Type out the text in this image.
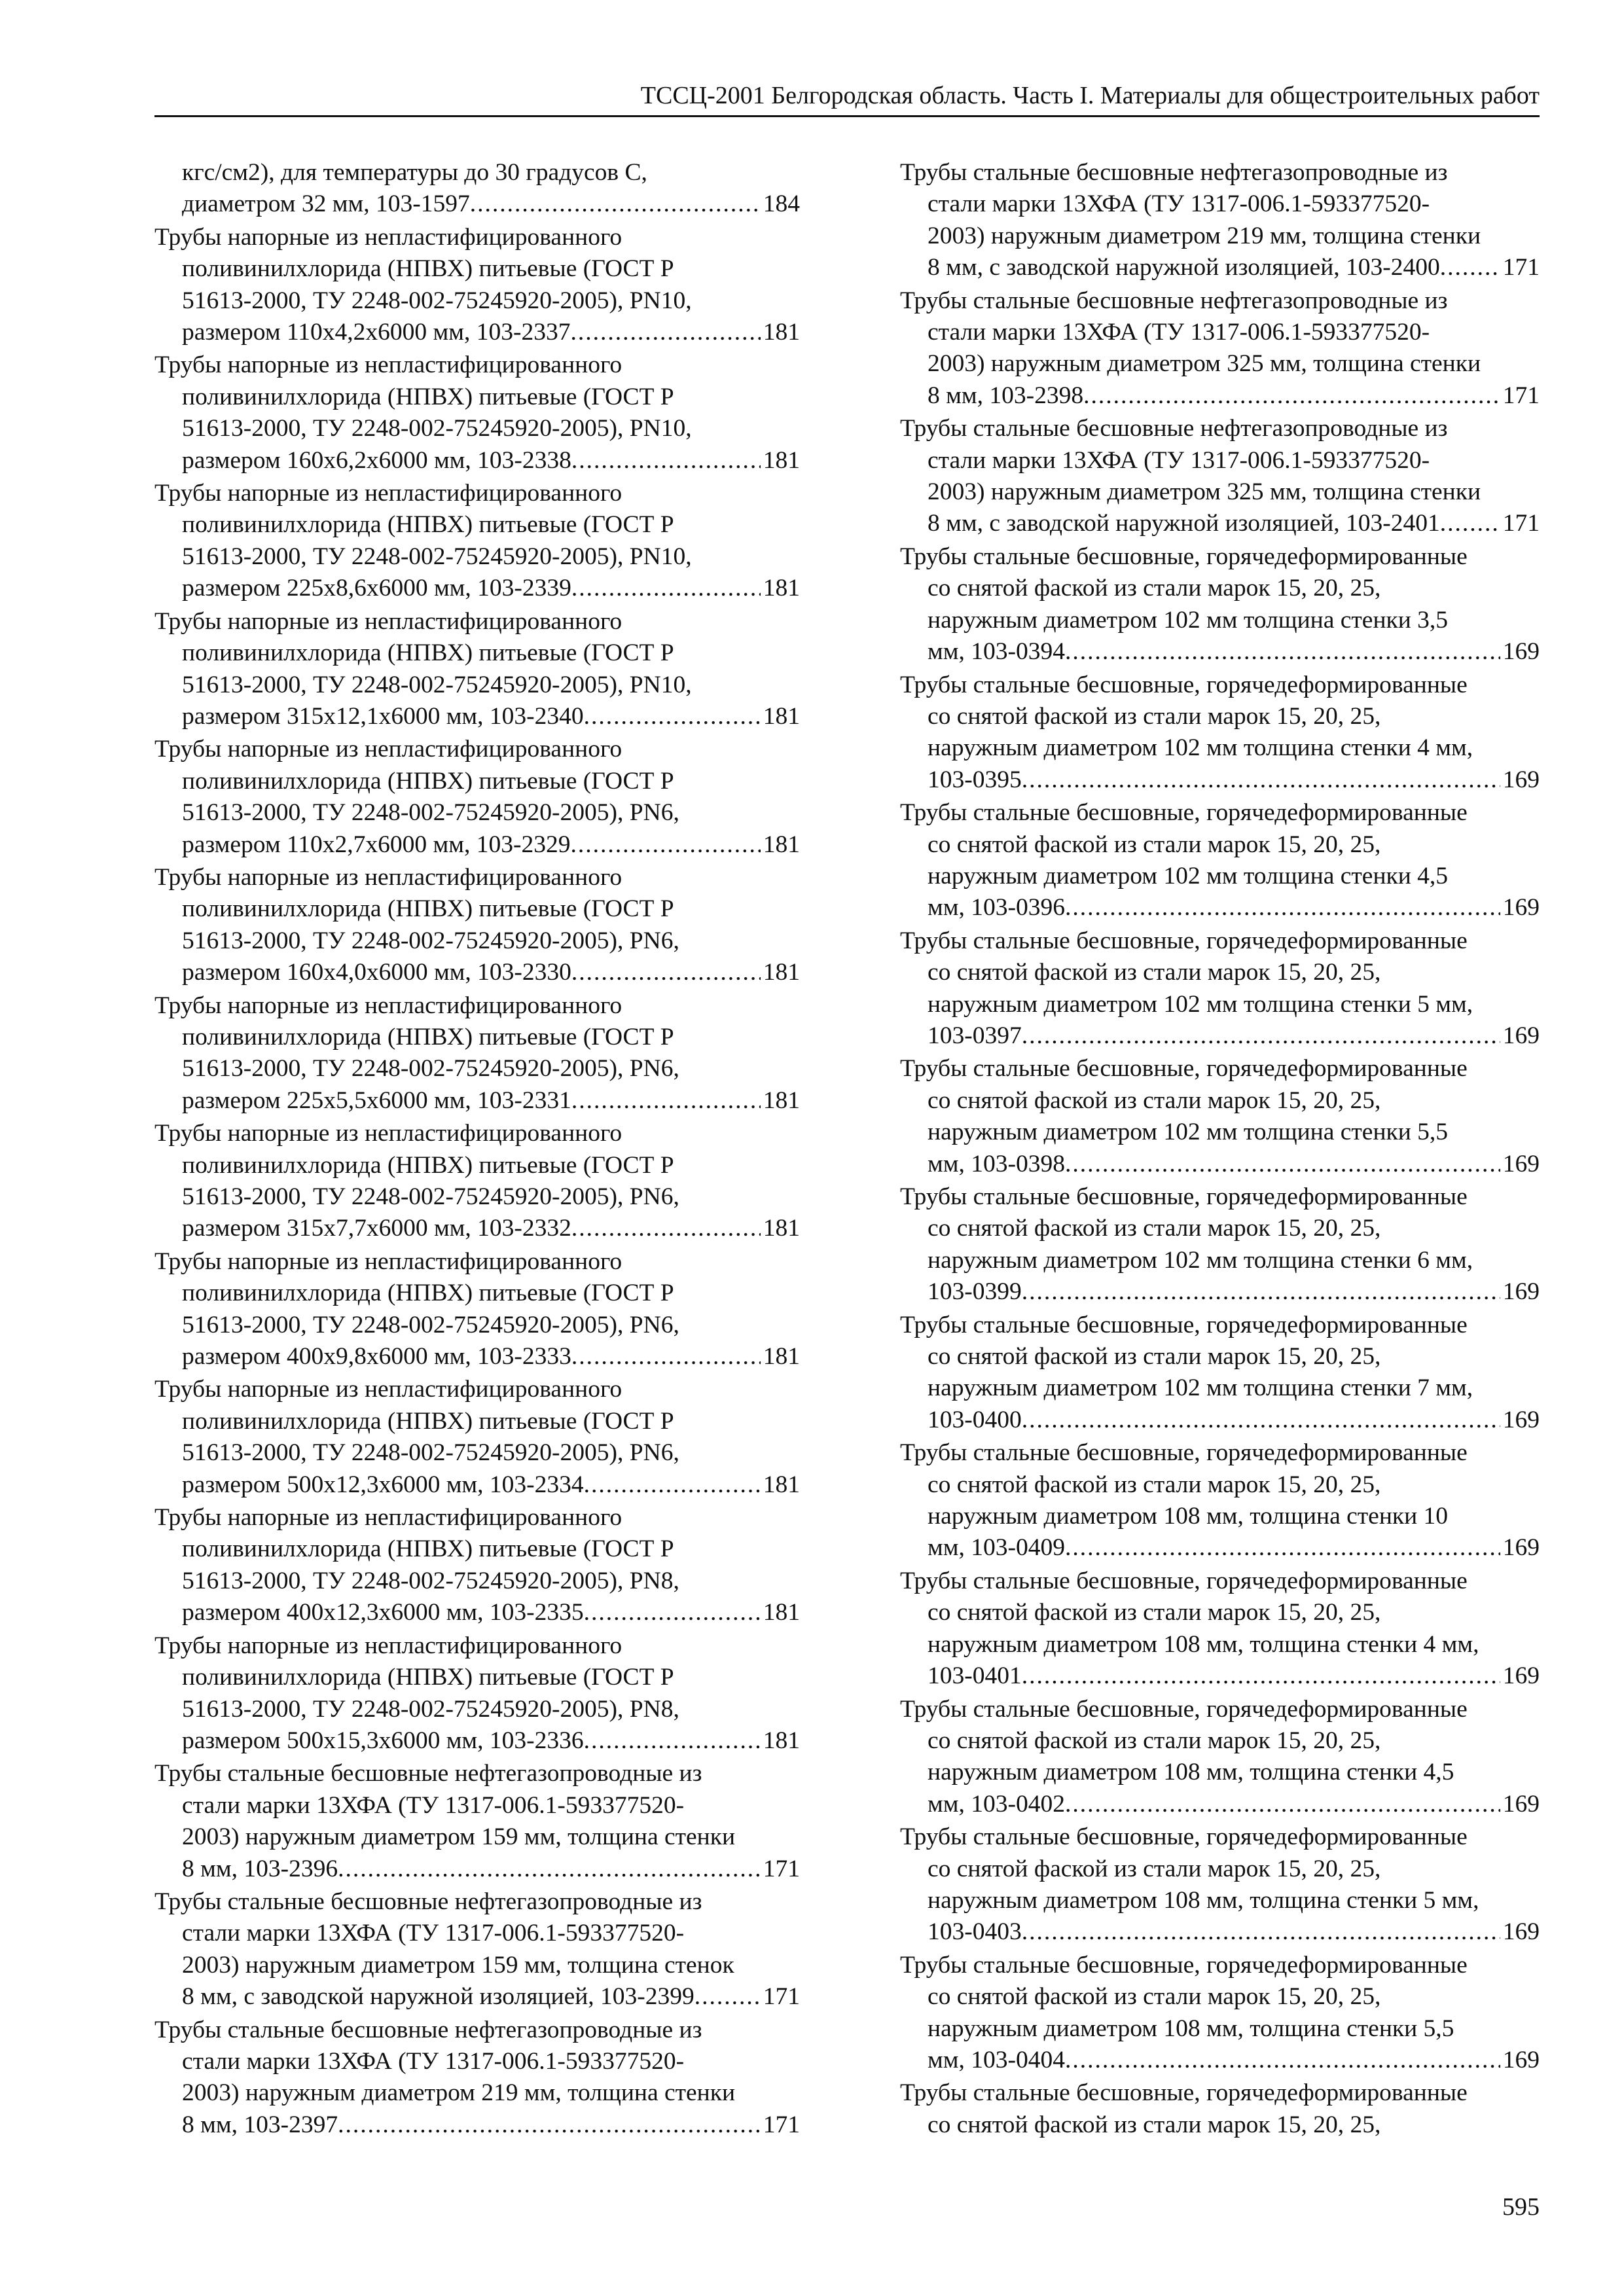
ТССЦ-2001 Белгородская область. Часть I. Материалы для общестроительных работ
кгс/см2), для температуры до 30 градусов С,
диаметром 32 мм, 103-1597 .....	184
Трубы напорные из непластифицированного
поливинилхлорида (НПВХ) питьевые (ГОСТ Р
51613-2000, ТУ 2248-002-75245920-2005), PN10,
размером 110х4,2х6000 мм, 103-2337 .....	181
Трубы напорные из непластифицированного
поливинилхлорида (НПВХ) питьевые (ГОСТ Р
51613-2000, ТУ 2248-002-75245920-2005), PN10,
размером 160х6,2х6000 мм, 103-2338 .....	181
Трубы напорные из непластифицированного
поливинилхлорида (НПВХ) питьевые (ГОСТ Р
51613-2000, ТУ 2248-002-75245920-2005), PN10,
размером 225х8,6х6000 мм, 103-2339 .....	181
Трубы напорные из непластифицированного
поливинилхлорида (НПВХ) питьевые (ГОСТ Р
51613-2000, ТУ 2248-002-75245920-2005), PN10,
размером 315х12,1х6000 мм, 103-2340 .....	181
Трубы напорные из непластифицированного
поливинилхлорида (НПВХ) питьевые (ГОСТ Р
51613-2000, ТУ 2248-002-75245920-2005), PN6,
размером 110х2,7х6000 мм, 103-2329 .....	181
Трубы напорные из непластифицированного
поливинилхлорида (НПВХ) питьевые (ГОСТ Р
51613-2000, ТУ 2248-002-75245920-2005), PN6,
размером 160х4,0х6000 мм, 103-2330 .....	181
Трубы напорные из непластифицированного
поливинилхлорида (НПВХ) питьевые (ГОСТ Р
51613-2000, ТУ 2248-002-75245920-2005), PN6,
размером 225х5,5х6000 мм, 103-2331 .....	181
Трубы напорные из непластифицированного
поливинилхлорида (НПВХ) питьевые (ГОСТ Р
51613-2000, ТУ 2248-002-75245920-2005), PN6,
размером 315х7,7х6000 мм, 103-2332 .....	181
Трубы напорные из непластифицированного
поливинилхлорида (НПВХ) питьевые (ГОСТ Р
51613-2000, ТУ 2248-002-75245920-2005), PN6,
размером 400х9,8х6000 мм, 103-2333 .....	181
Трубы напорные из непластифицированного
поливинилхлорида (НПВХ) питьевые (ГОСТ Р
51613-2000, ТУ 2248-002-75245920-2005), PN6,
размером 500х12,3х6000 мм, 103-2334 .....	181
Трубы напорные из непластифицированного
поливинилхлорида (НПВХ) питьевые (ГОСТ Р
51613-2000, ТУ 2248-002-75245920-2005), PN8,
размером 400х12,3х6000 мм, 103-2335 .....	181
Трубы напорные из непластифицированного
поливинилхлорида (НПВХ) питьевые (ГОСТ Р
51613-2000, ТУ 2248-002-75245920-2005), PN8,
размером 500х15,3х6000 мм, 103-2336 .....	181
Трубы стальные бесшовные нефтегазопроводные из
стали марки 13ХФА (ТУ 1317-006.1-593377520-
2003) наружным диаметром 159 мм, толщина стенки
8 мм, 103-2396 .....	171
Трубы стальные бесшовные нефтегазопроводные из
стали марки 13ХФА (ТУ 1317-006.1-593377520-
2003) наружным диаметром 159 мм, толщина стенок
8 мм, с заводской наружной изоляцией, 103-2399 .....	171
Трубы стальные бесшовные нефтегазопроводные из
стали марки 13ХФА (ТУ 1317-006.1-593377520-
2003) наружным диаметром 219 мм, толщина стенки
8 мм, 103-2397 .....	171
Трубы стальные бесшовные нефтегазопроводные из
стали марки 13ХФА (ТУ 1317-006.1-593377520-
2003) наружным диаметром 219 мм, толщина стенки
8 мм, с заводской наружной изоляцией, 103-2400 .....	171
Трубы стальные бесшовные нефтегазопроводные из
стали марки 13ХФА (ТУ 1317-006.1-593377520-
2003) наружным диаметром 325 мм, толщина стенки
8 мм, 103-2398 .....	171
Трубы стальные бесшовные нефтегазопроводные из
стали марки 13ХФА (ТУ 1317-006.1-593377520-
2003) наружным диаметром 325 мм, толщина стенки
8 мм, с заводской наружной изоляцией, 103-2401 .....	171
Трубы стальные бесшовные, горячедеформированные
со снятой фаской из стали марок 15, 20, 25,
наружным диаметром 102 мм толщина стенки 3,5
мм, 103-0394 .....	169
Трубы стальные бесшовные, горячедеформированные
со снятой фаской из стали марок 15, 20, 25,
наружным диаметром 102 мм толщина стенки 4 мм,
103-0395 .....	169
Трубы стальные бесшовные, горячедеформированные
со снятой фаской из стали марок 15, 20, 25,
наружным диаметром 102 мм толщина стенки 4,5
мм, 103-0396 .....	169
Трубы стальные бесшовные, горячедеформированные
со снятой фаской из стали марок 15, 20, 25,
наружным диаметром 102 мм толщина стенки 5 мм,
103-0397 .....	169
Трубы стальные бесшовные, горячедеформированные
со снятой фаской из стали марок 15, 20, 25,
наружным диаметром 102 мм толщина стенки 5,5
мм, 103-0398 .....	169
Трубы стальные бесшовные, горячедеформированные
со снятой фаской из стали марок 15, 20, 25,
наружным диаметром 102 мм толщина стенки 6 мм,
103-0399 .....	169
Трубы стальные бесшовные, горячедеформированные
со снятой фаской из стали марок 15, 20, 25,
наружным диаметром 102 мм толщина стенки 7 мм,
103-0400 .....	169
Трубы стальные бесшовные, горячедеформированные
со снятой фаской из стали марок 15, 20, 25,
наружным диаметром 108 мм, толщина стенки 10
мм, 103-0409 .....	169
Трубы стальные бесшовные, горячедеформированные
со снятой фаской из стали марок 15, 20, 25,
наружным диаметром 108 мм, толщина стенки 4 мм,
103-0401 .....	169
Трубы стальные бесшовные, горячедеформированные
со снятой фаской из стали марок 15, 20, 25,
наружным диаметром 108 мм, толщина стенки 4,5
мм, 103-0402 .....	169
Трубы стальные бесшовные, горячедеформированные
со снятой фаской из стали марок 15, 20, 25,
наружным диаметром 108 мм, толщина стенки 5 мм,
103-0403 .....	169
Трубы стальные бесшовные, горячедеформированные
со снятой фаской из стали марок 15, 20, 25,
наружным диаметром 108 мм, толщина стенки 5,5
мм, 103-0404 .....	169
Трубы стальные бесшовные, горячедеформированные
со снятой фаской из стали марок 15, 20, 25,
595
